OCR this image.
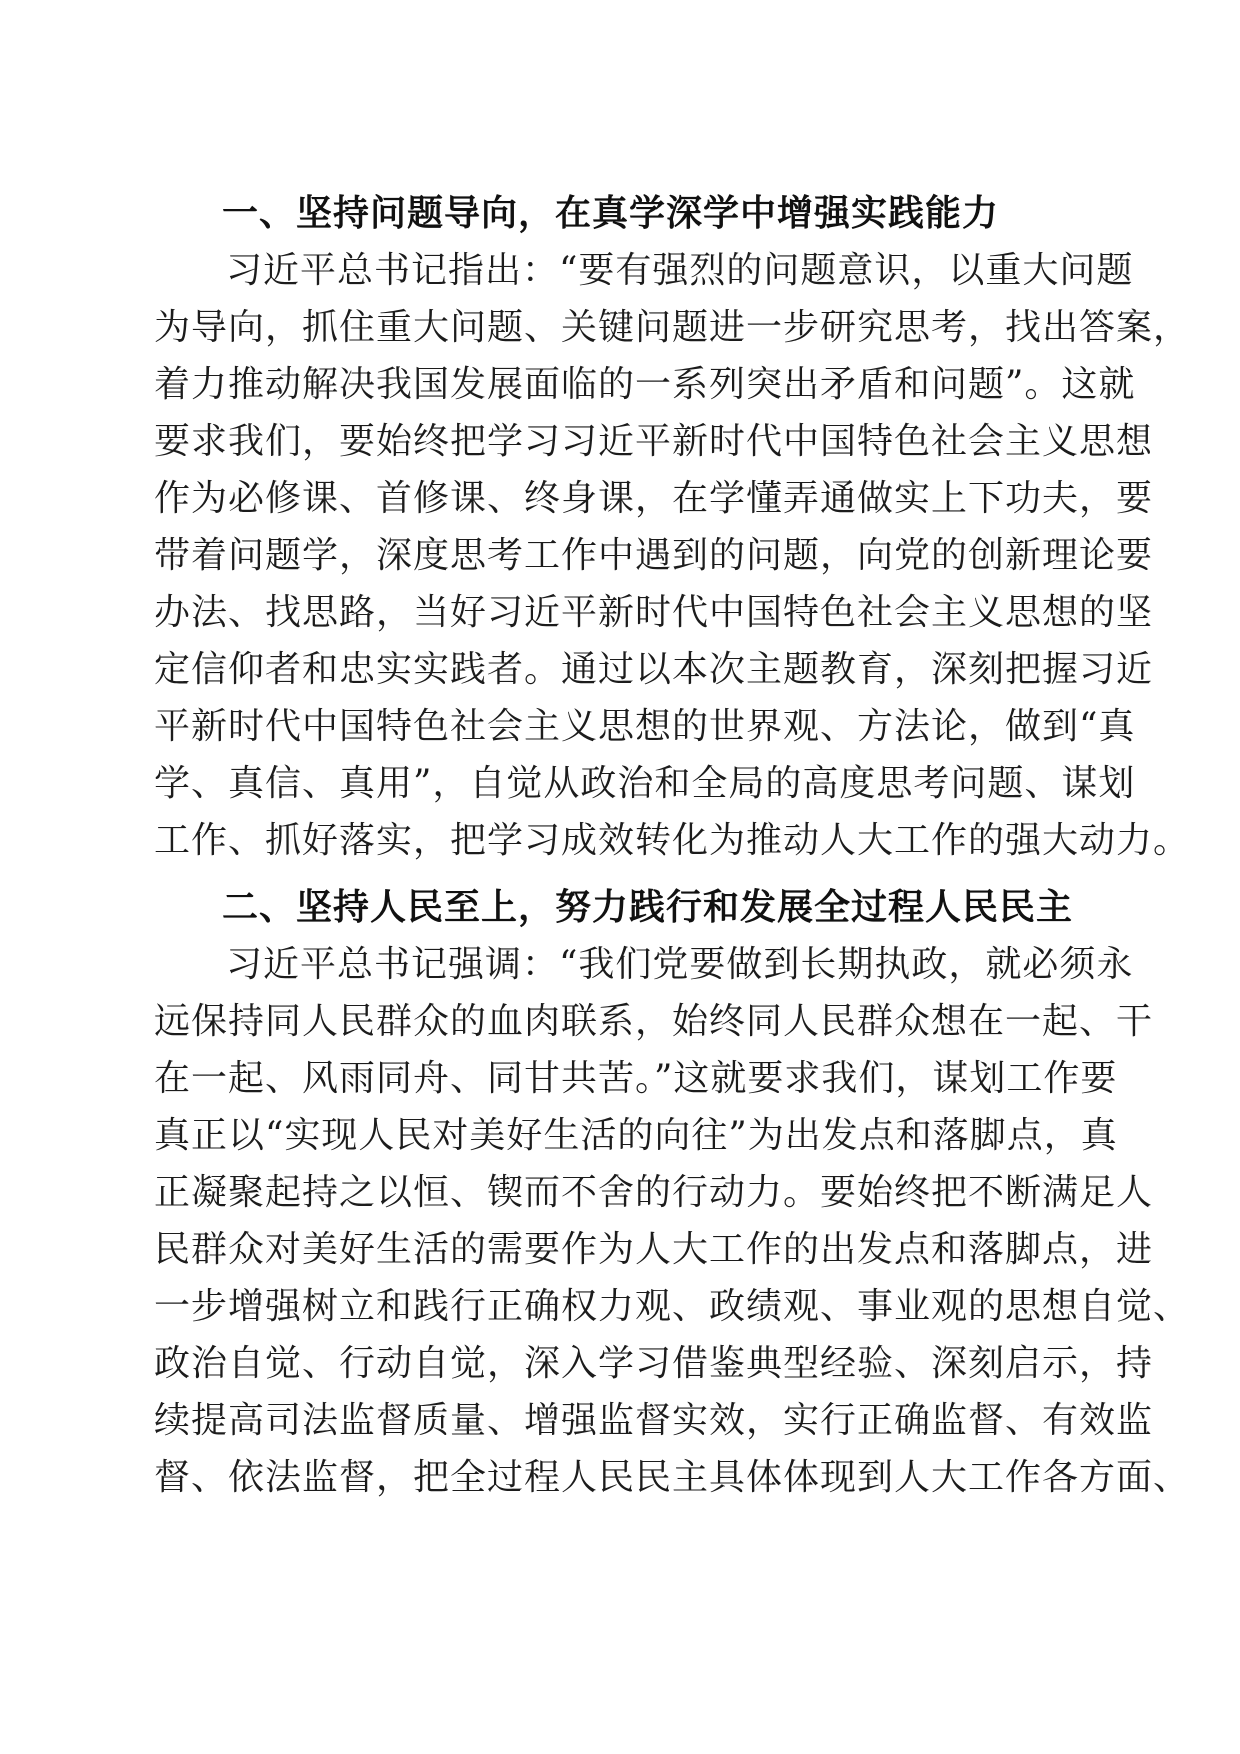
一、坚持问题导向，在真学深学中增强实践能力
习近平总书记指出：“要有强烈的问题意识，以重大问题
为导向，抓住重大问题、关键问题进一步研究思考，找出答案，
着力推动解决我国发展面临的一系列突出矛盾和问题”。这就
要求我们，要始终把学习习近平新时代中国特色社会主义思想
作为必修课、首修课、终身课，在学懂弄通做实上下功夫，要
带着问题学，深度思考工作中遇到的问题，向党的创新理论要
办法、找思路，当好习近平新时代中国特色社会主义思想的坚
定信仰者和忠实实践者。通过以本次主题教育，深刻把握习近
平新时代中国特色社会主义思想的世界观、方法论，做到“真
学、真信、真用”，自觉从政治和全局的高度思考问题、谋划
工作、抓好落实，把学习成效转化为推动人大工作的强大动力。
二、坚持人民至上，努力践行和发展全过程人民民主
习近平总书记强调：“我们党要做到长期执政，就必须永
远保持同人民群众的血肉联系，始终同人民群众想在一起、干
在一起、风雨同舟、同甘共苦。”这就要求我们，谋划工作要
真正以“实现人民对美好生活的向往”为出发点和落脚点，真
正凝聚起持之以恒、锲而不舍的行动力。要始终把不断满足人
民群众对美好生活的需要作为人大工作的出发点和落脚点，进
一步增强树立和践行正确权力观、政绩观、事业观的思想自觉、
政治自觉、行动自觉，深入学习借鉴典型经验、深刻启示，持
续提高司法监督质量、增强监督实效，实行正确监督、有效监
督、依法监督，把全过程人民民主具体体现到人大工作各方面、
